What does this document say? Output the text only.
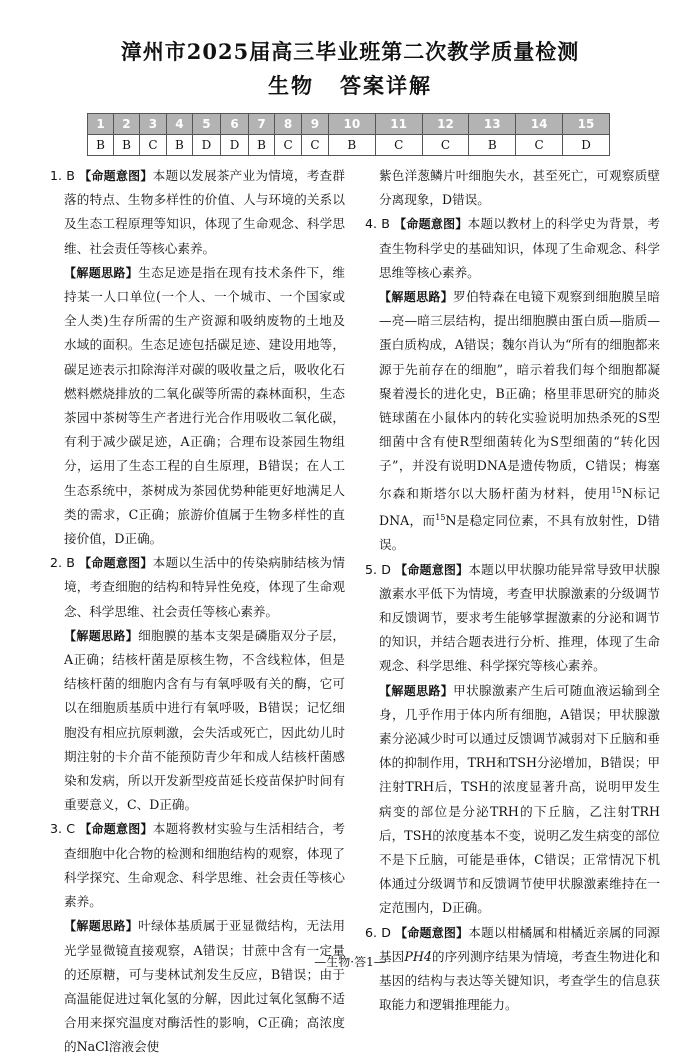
漳州市2025届高三毕业班第二次教学质量检测
生物 答案详解
1	2	3	4	5	6	7	8	9	10	11	12	13	14	15
B	B	C	B	D	D	B	C	C	B	C	C	B	C	D

1. B 【命题意图】本题以发展茶产业为情境，考查群落的特点、生物多样性的价值、人与环境的关系以及生态工程原理等知识，体现了生命观念、科学思维、社会责任等核心素养。

【解题思路】生态足迹是指在现有技术条件下，维持某一人口单位(一个人、一个城市、一个国家或全人类)生存所需的生产资源和吸纳废物的土地及水域的面积。生态足迹包括碳足迹、建设用地等，碳足迹表示扣除海洋对碳的吸收量之后，吸收化石燃料燃烧排放的二氧化碳等所需的森林面积，生态茶园中茶树等生产者进行光合作用吸收二氧化碳，有利于减少碳足迹，A正确；合理布设茶园生物组分，运用了生态工程的自生原理，B错误；在人工生态系统中，茶树成为茶园优势种能更好地满足人类的需求，C正确；旅游价值属于生物多样性的直接价值，D正确。

2. B 【命题意图】本题以生活中的传染病肺结核为情境，考查细胞的结构和特异性免疫，体现了生命观念、科学思维、社会责任等核心素养。

【解题思路】细胞膜的基本支架是磷脂双分子层，A正确；结核杆菌是原核生物，不含线粒体，但是结核杆菌的细胞内含有与有氧呼吸有关的酶，它可以在细胞质基质中进行有氧呼吸，B错误；记忆细胞没有相应抗原刺激，会失活或死亡，因此幼儿时期注射的卡介苗不能预防青少年和成人结核杆菌感染和发病，所以开发新型疫苗延长疫苗保护时间有重要意义，C、D正确。

3. C 【命题意图】本题将教材实验与生活相结合，考查细胞中化合物的检测和细胞结构的观察，体现了科学探究、生命观念、科学思维、社会责任等核心素养。

【解题思路】叶绿体基质属于亚显微结构，无法用光学显微镜直接观察，A错误；甘蔗中含有一定量的还原糖，可与斐林试剂发生反应，B错误；由于高温能促进过氧化氢的分解，因此过氧化氢酶不适合用来探究温度对酶活性的影响，C正确；高浓度的NaCl溶液会使

紫色洋葱鳞片叶细胞失水，甚至死亡，可观察质壁分离现象，D错误。

4. B 【命题意图】本题以教材上的科学史为背景，考查生物科学史的基础知识，体现了生命观念、科学思维等核心素养。

【解题思路】罗伯特森在电镜下观察到细胞膜呈暗—亮—暗三层结构，提出细胞膜由蛋白质—脂质—蛋白质构成，A错误；魏尔肖认为“所有的细胞都来源于先前存在的细胞”，暗示着我们每个细胞都凝聚着漫长的进化史，B正确；格里菲思研究的肺炎链球菌在小鼠体内的转化实验说明加热杀死的S型细菌中含有使R型细菌转化为S型细菌的“转化因子”，并没有说明DNA是遗传物质，C错误；梅塞尔森和斯塔尔以大肠杆菌为材料，使用$^{15}$N标记DNA，而$^{15}$N是稳定同位素，不具有放射性，D错误。

5. D 【命题意图】本题以甲状腺功能异常导致甲状腺激素水平低下为情境，考查甲状腺激素的分级调节和反馈调节，要求考生能够掌握激素的分泌和调节的知识，并结合题表进行分析、推理，体现了生命观念、科学思维、科学探究等核心素养。

【解题思路】甲状腺激素产生后可随血液运输到全身，几乎作用于体内所有细胞，A错误；甲状腺激素分泌减少时可以通过反馈调节减弱对下丘脑和垂体的抑制作用，TRH和TSH分泌增加，B错误；甲注射TRH后，TSH的浓度显著升高，说明甲发生病变的部位是分泌TRH的下丘脑，乙注射TRH后，TSH的浓度基本不变，说明乙发生病变的部位不是下丘脑，可能是垂体，C错误；正常情况下机体通过分级调节和反馈调节使甲状腺激素维持在一定范围内，D正确。

6. D 【命题意图】本题以柑橘属和柑橘近亲属的同源基因PH4的序列测序结果为情境，考查生物进化和基因的结构与表达等关键知识，考查学生的信息获取能力和逻辑推理能力。

—生物·答1—
